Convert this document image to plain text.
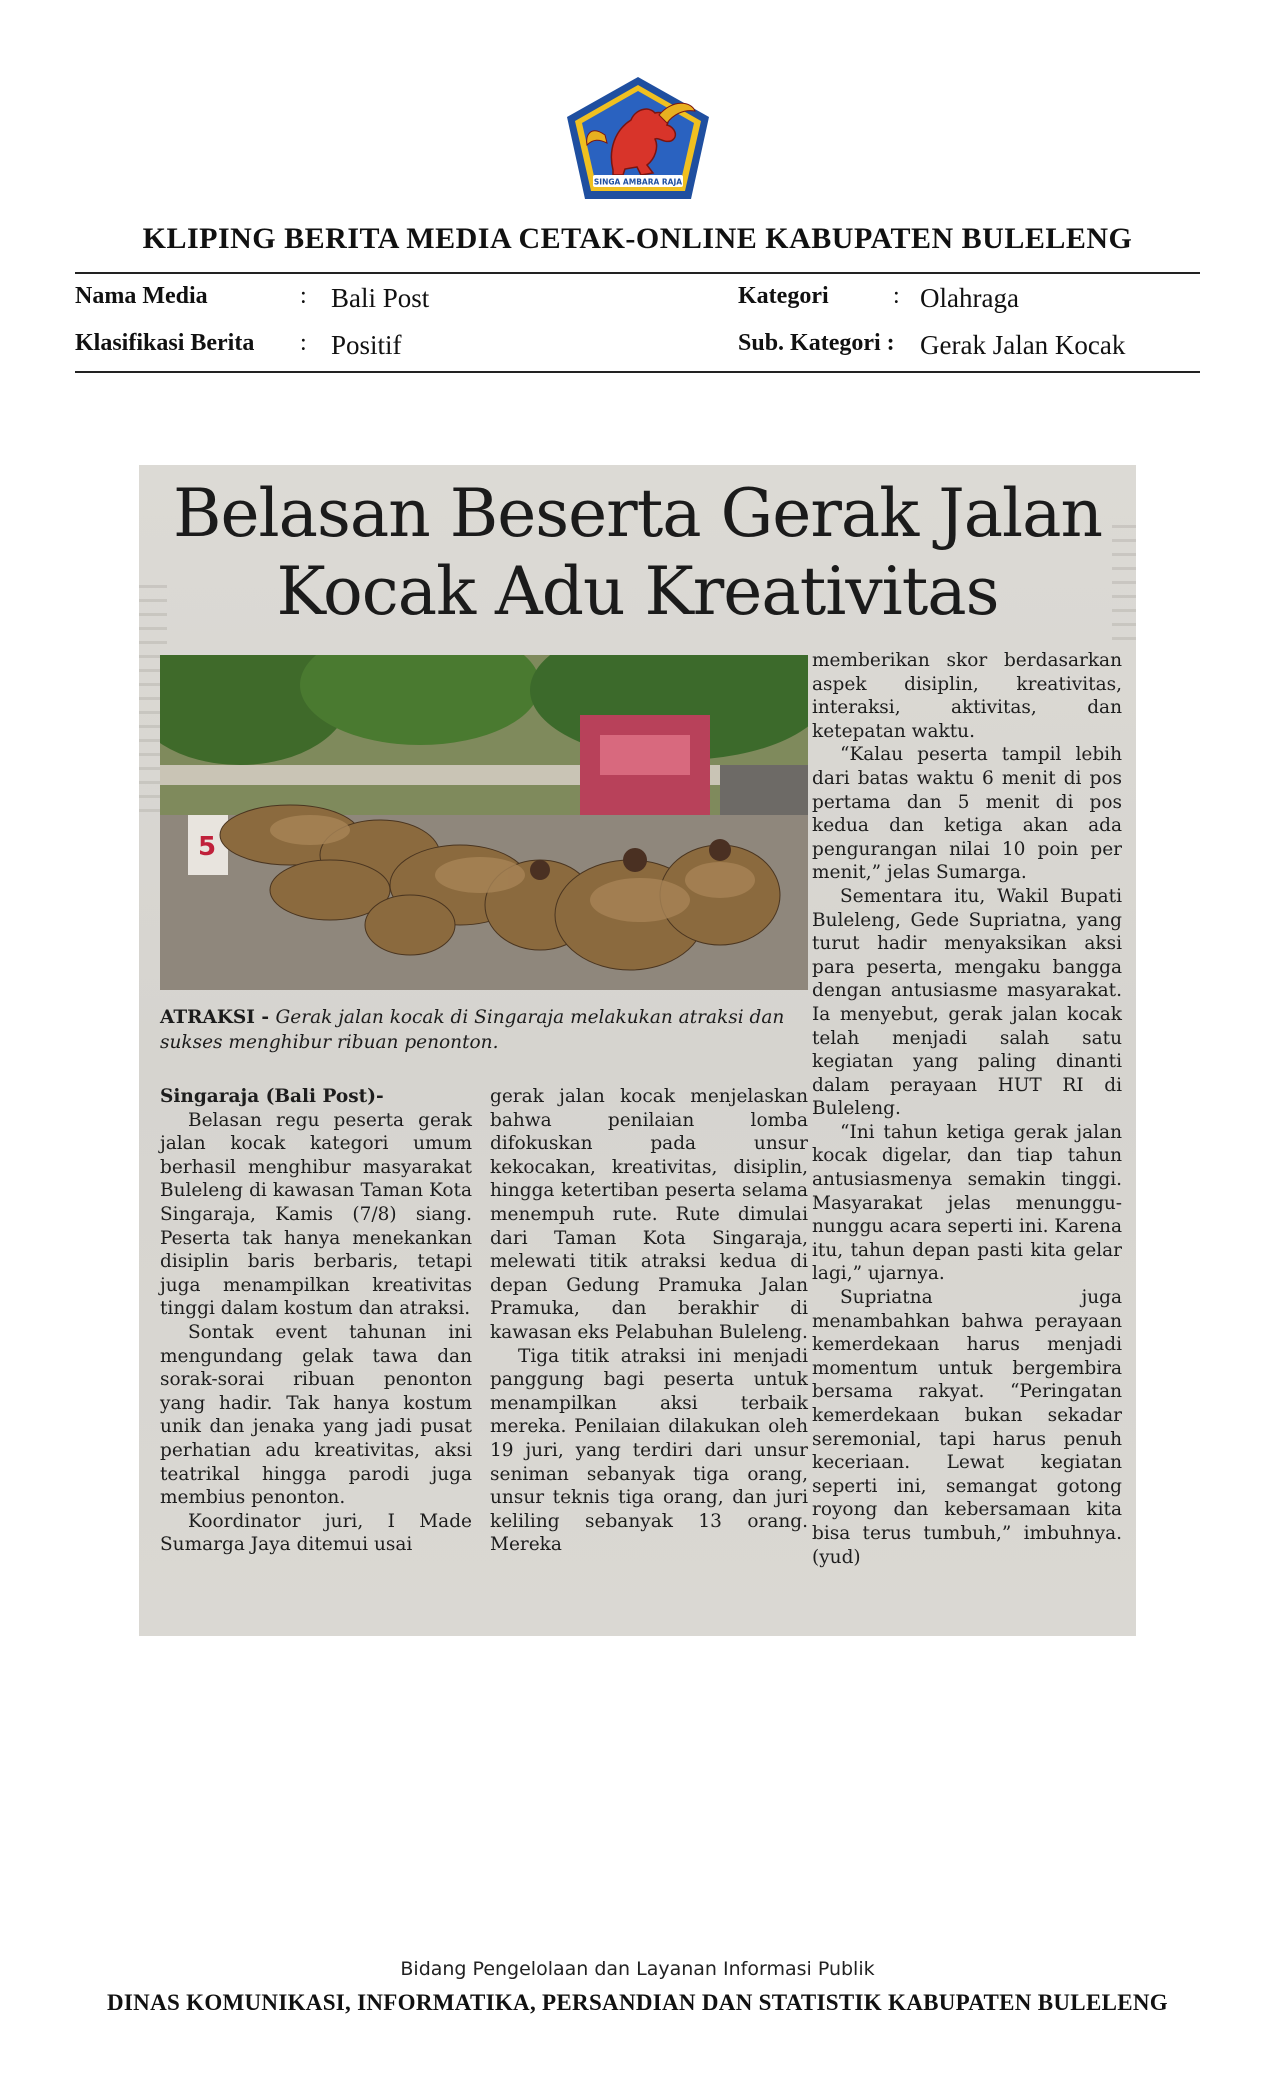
SINGA AMBARA RAJA
KLIPING BERITA MEDIA CETAK-ONLINE KABUPATEN BULELENG
Nama Media	: Bali Post
Klasifikasi Berita : Positif
Kategori	: Olahraga
Sub. Kategori : Gerak Jalan Kocak
Belasan Beserta Gerak Jalan
Kocak Adu Kreativitas
5
ATRAKSI - Gerak jalan kocak di Singaraja melakukan atraksi dan sukses menghibur ribuan penonton.

Singaraja (Bali Post)-

Belasan regu peserta gerak jalan kocak kategori umum berhasil menghibur masyarakat Buleleng di kawasan Taman Kota Singaraja, Kamis (7/8) siang. Peserta tak hanya menekankan disiplin baris berbaris, tetapi juga menampilkan kreativitas tinggi dalam kostum dan atraksi.

Sontak event tahunan ini mengundang gelak tawa dan sorak-sorai ribuan penonton yang hadir. Tak hanya kostum unik dan jenaka yang jadi pusat perhatian adu kreativitas, aksi teatrikal hingga parodi juga membius penonton.

Koordinator juri, I Made Sumarga Jaya ditemui usai

gerak jalan kocak menjelaskan bahwa penilaian lomba difokuskan pada unsur kekocakan, kreativitas, disiplin, hingga ketertiban peserta selama menempuh rute. Rute dimulai dari Taman Kota Singaraja, melewati titik atraksi kedua di depan Gedung Pramuka Jalan Pramuka, dan berakhir di kawasan eks Pelabuhan Buleleng.

Tiga titik atraksi ini menjadi panggung bagi peserta untuk menampilkan aksi terbaik mereka. Penilaian dilakukan oleh 19 juri, yang terdiri dari unsur seniman sebanyak tiga orang, unsur teknis tiga orang, dan juri keliling sebanyak 13 orang. Mereka

memberikan skor berdasarkan aspek disiplin, kreativitas, interaksi, aktivitas, dan ketepatan waktu.

“Kalau peserta tampil lebih dari batas waktu 6 menit di pos pertama dan 5 menit di pos kedua dan ketiga akan ada pengurangan nilai 10 poin per menit,” jelas Sumarga.

Sementara itu, Wakil Bupati Buleleng, Gede Supriatna, yang turut hadir menyaksikan aksi para peserta, mengaku bangga dengan antusiasme masyarakat. Ia menyebut, gerak jalan kocak telah menjadi salah satu kegiatan yang paling dinanti dalam perayaan HUT RI di Buleleng.

“Ini tahun ketiga gerak jalan kocak digelar, dan tiap tahun antusiasmenya semakin tinggi. Masyarakat jelas menunggu-nunggu acara seperti ini. Karena itu, tahun depan pasti kita gelar lagi,” ujarnya.

Supriatna juga menambahkan bahwa perayaan kemerdekaan harus menjadi momentum untuk bergembira bersama rakyat. “Peringatan kemerdekaan bukan sekadar seremonial, tapi harus penuh keceriaan. Lewat kegiatan seperti ini, semangat gotong royong dan kebersamaan kita bisa terus tumbuh,” imbuhnya. (yud)

Bidang Pengelolaan dan Layanan Informasi Publik
DINAS KOMUNIKASI, INFORMATIKA, PERSANDIAN DAN STATISTIK KABUPATEN BULELENG
